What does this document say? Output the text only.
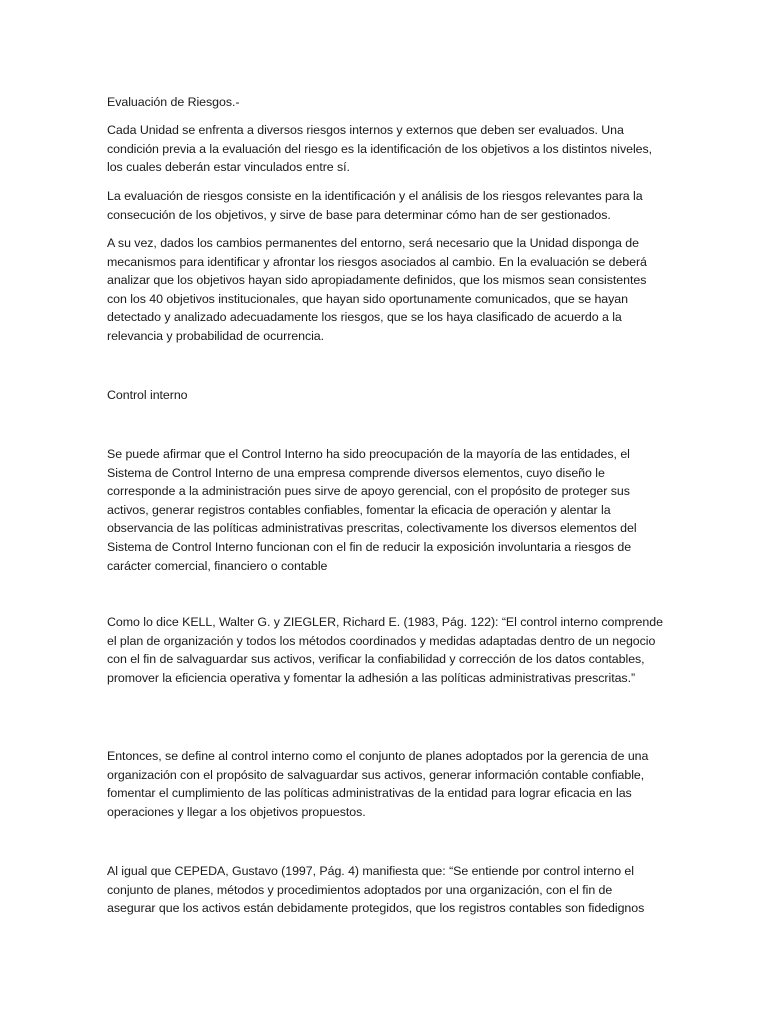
Evaluación de Riesgos.-

Cada Unidad se enfrenta a diversos riesgos internos y externos que deben ser evaluados. Una condición previa a la evaluación del riesgo es la identificación de los objetivos a los distintos niveles, los cuales deberán estar vinculados entre sí.

La evaluación de riesgos consiste en la identificación y el análisis de los riesgos relevantes para la consecución de los objetivos, y sirve de base para determinar cómo han de ser gestionados.

A su vez, dados los cambios permanentes del entorno, será necesario que la Unidad disponga de mecanismos para identificar y afrontar los riesgos asociados al cambio. En la evaluación se deberá analizar que los objetivos hayan sido apropiadamente definidos, que los mismos sean consistentes con los 40 objetivos institucionales, que hayan sido oportunamente comunicados, que se hayan detectado y analizado adecuadamente los riesgos, que se los haya clasificado de acuerdo a la relevancia y probabilidad de ocurrencia.

Control interno

Se puede afirmar que el Control Interno ha sido preocupación de la mayoría de las entidades, el Sistema de Control Interno de una empresa comprende diversos elementos, cuyo diseño le corresponde a la administración pues sirve de apoyo gerencial, con el propósito de proteger sus activos, generar registros contables confiables, fomentar la eficacia de operación y alentar la observancia de las políticas administrativas prescritas, colectivamente los diversos elementos del Sistema de Control Interno funcionan con el fin de reducir la exposición involuntaria a riesgos de carácter comercial, financiero o contable

Como lo dice KELL, Walter G. y ZIEGLER, Richard E. (1983, Pág. 122): “El control interno comprende el plan de organización y todos los métodos coordinados y medidas adaptadas dentro de un negocio con el fin de salvaguardar sus activos, verificar la confiabilidad y corrección de los datos contables, promover la eficiencia operativa y fomentar la adhesión a las políticas administrativas prescritas.”

Entonces, se define al control interno como el conjunto de planes adoptados por la gerencia de una organización con el propósito de salvaguardar sus activos, generar información contable confiable, fomentar el cumplimiento de las políticas administrativas de la entidad para lograr eficacia en las operaciones y llegar a los objetivos propuestos.

Al igual que CEPEDA, Gustavo (1997, Pág. 4) manifiesta que: “Se entiende por control interno el conjunto de planes, métodos y procedimientos adoptados por una organización, con el fin de asegurar que los activos están debidamente protegidos, que los registros contables son fidedignos
